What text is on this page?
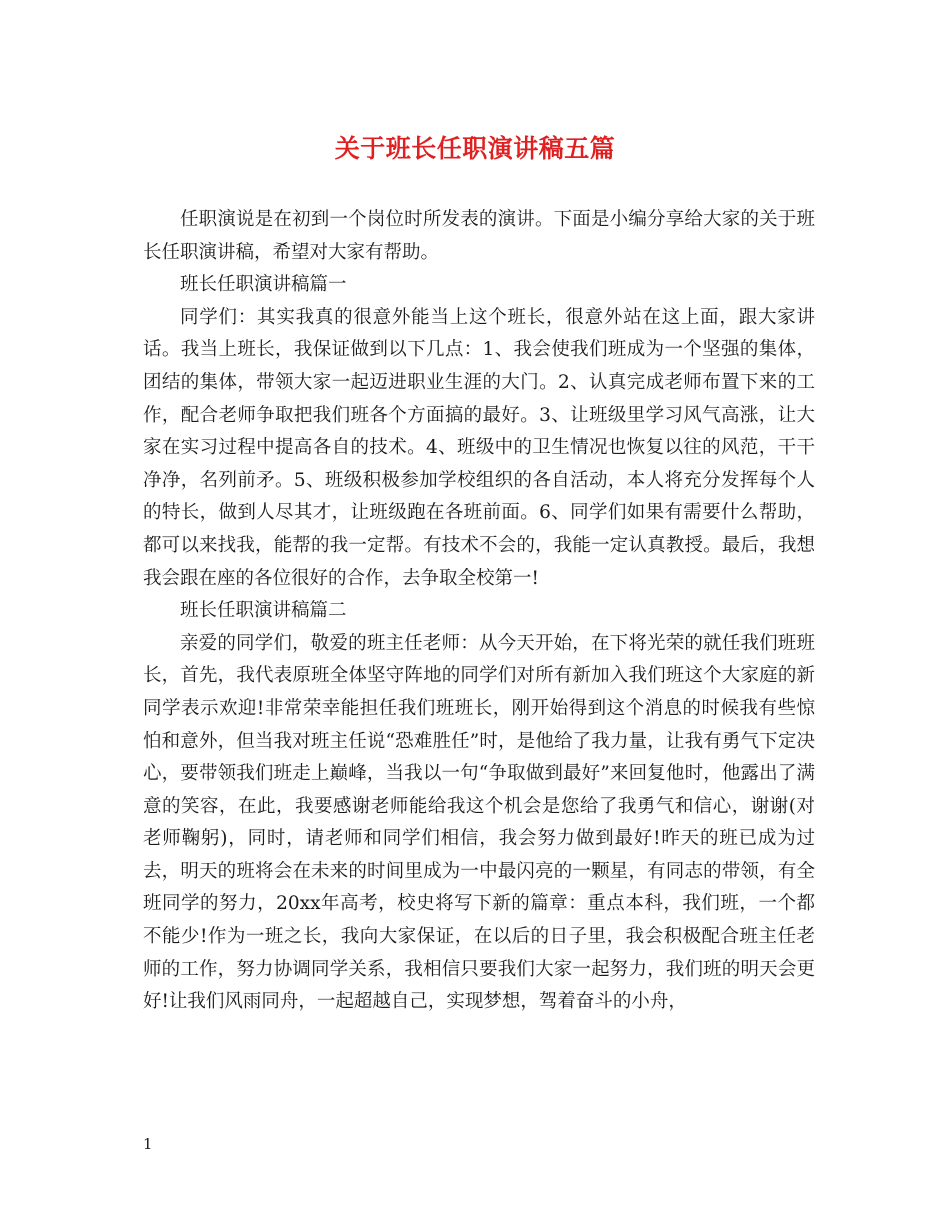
关于班长任职演讲稿五篇

任职演说是在初到一个岗位时所发表的演讲。下面是小编分享给大家的关于班长任职演讲稿，希望对大家有帮助。

班长任职演讲稿篇一

同学们：其实我真的很意外能当上这个班长，很意外站在这上面，跟大家讲话。我当上班长，我保证做到以下几点：1、我会使我们班成为一个坚强的集体，团结的集体，带领大家一起迈进职业生涯的大门。2、认真完成老师布置下来的工作，配合老师争取把我们班各个方面搞的最好。3、让班级里学习风气高涨，让大家在实习过程中提高各自的技术。4、班级中的卫生情况也恢复以往的风范，干干净净，名列前矛。5、班级积极参加学校组织的各自活动，本人将充分发挥每个人的特长，做到人尽其才，让班级跑在各班前面。6、同学们如果有需要什么帮助，都可以来找我，能帮的我一定帮。有技术不会的，我能一定认真教授。最后，我想我会跟在座的各位很好的合作，去争取全校第一!

班长任职演讲稿篇二

亲爱的同学们，敬爱的班主任老师：从今天开始，在下将光荣的就任我们班班长，首先，我代表原班全体坚守阵地的同学们对所有新加入我们班这个大家庭的新同学表示欢迎!非常荣幸能担任我们班班长，刚开始得到这个消息的时候我有些惊怕和意外，但当我对班主任说“恐难胜任”时，是他给了我力量，让我有勇气下定决心，要带领我们班走上巅峰，当我以一句“争取做到最好”来回复他时，他露出了满意的笑容，在此，我要感谢老师能给我这个机会是您给了我勇气和信心，谢谢(对老师鞠躬)，同时，请老师和同学们相信，我会努力做到最好!昨天的班已成为过去，明天的班将会在未来的时间里成为一中最闪亮的一颗星，有同志的带领，有全班同学的努力，20xx年高考，校史将写下新的篇章：重点本科，我们班，一个都不能少!作为一班之长，我向大家保证，在以后的日子里，我会积极配合班主任老师的工作，努力协调同学关系，我相信只要我们大家一起努力，我们班的明天会更好!让我们风雨同舟，一起超越自己，实现梦想，驾着奋斗的小舟，

1
